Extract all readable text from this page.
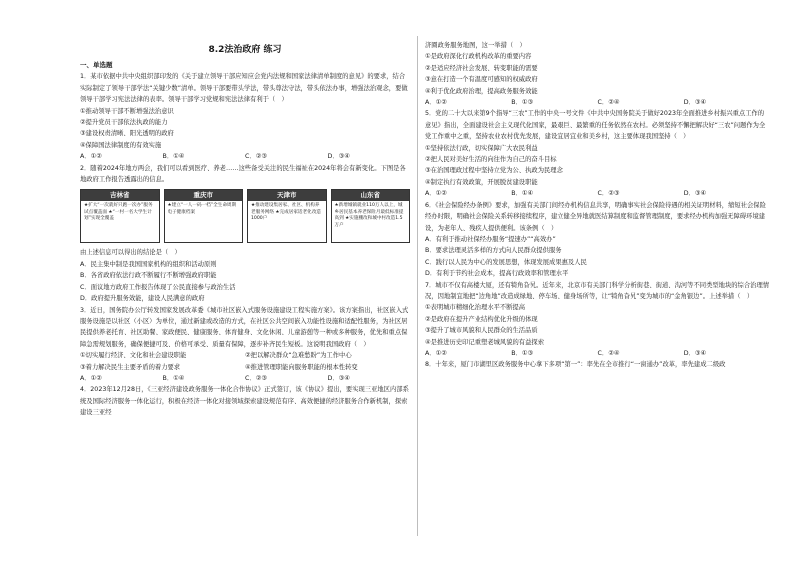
8.2法治政府 练习

一、单选题

1．某市依据中共中央组织部印发的《关于建立领导干部应知应会党内法规和国家法律清单制度的意见》的要求，结合实际制定了领导干部学法“关键少数”清单。领导干部要带头学法，带头尊法守法，带头依法办事，增强法治观念，要做领导干部学习宪法法律的表率。领导干部学习党规和宪法法律有利于（　）

①推动领导干部不断增强法治意识

②提升党员干部依法执政的能力

③建设权责清晰、阳光透明的政府

④保障国法律制度的有效实施

A．①②	B．①④	C．②③	D．③④

2．随着2024年地方两会，我们可以看到医疗、养老……这些备受关注的民生福祉在2024年将会有新变化。下图是各地政府工作报告透露出的信息。

吉林省
★扩大“一次就好只跑一次办”服务试点覆盖面 ★“一村一名大学生计划”实现全覆盖
重庆市
★建立“一人一码一档”全生命周期电子健康档案
天津市
★推动建设集居家、社区、机构养老服务网络 ★完成居家适老化改造1000户
山东省
★新增城镇就业110万人以上，城乡居民基本养老保险月最低标准提高到 ★实施棚改和城中村改造1.5万户

由上述信息可以得出的结论是（　）

A．民主集中制是我国国家机构的组织和活动原则

B．各省政府依法行政不断履行不断增强政府职能

C．面议地方政府工作报告体现了公民直接参与政治生活

D．政府提升服务效能，建设人民满意的政府

3．近日，国务院办公厅转发国家发展改革委《城市社区嵌入式服务设施建设工程实施方案》。该方案指出，社区嵌入式服务设施是以社区（小区）为单位，通过新建或改造的方式，在社区公共空间嵌入功能性设施和适配性服务，为社区居民提供养老托育、社区助餐、家政便民、健康服务、体育健身、文化休闲、儿童游憩等一种或多种服务，优先和重点保障急需规划服务，确保便捷可及、价格可承受、质量有保障，逐步补齐民生短板。这说明我国政府（　）

①切实履行经济、文化和社会建设职能	②把以解决群众“急难愁盼”为工作中心
③着力解决民生主要矛盾的着力要求	④推进管理职能向服务职能的根本性转变
A．①②	B．①④	C．②③	D．③④

4．2023年12月28日，《三亚经济建设政务服务一体化合作协议》正式签订，该《协议》提出，要实现三亚地区内部系统及国际经济服务一体化运行，积极在经济一体化对接领域探索建设规范有序、高效便捷的经济服务合作新机制，探索建设三亚经

济圈政务服务地图，这一举措（　）

①是政府深化行政机构改革的重要内容

②是适应经济社会发展、转变职能的需要

③意在打造一个有温度可感知的权威政府

④利于优化政府治理，提高政务服务效能

A．①②	B．①③	C．②④	D．③④

5．党的二十大以来第9个指导“三农”工作的中央一号文件《中共中央国务院关于做好2023年全面推进乡村振兴重点工作的意见》指出，全面建设社会主义现代化国家，最艰巨、最繁重的任务依然在农村。必须坚持不懈把解决好“三农”问题作为全党工作重中之重，坚持农业农村优先发展，建设宜居宜业和美乡村，这主要体现我国坚持（　）

①坚持依法行政，切实保障广大农民利益

②把人民对美好生活的向往作为自己的奋斗目标

③在治国理政过程中坚持立党为公、执政为民理念

④制定执行有效政策，开展脱贫建设职能

A．①②	B．①④	C．②③	D．③④

6．《社会保险经办条例》要求，加强有关部门间经办机构信息共享，明确事实社会保险待遇的相关证明材料，缩短社会保险经办时限，明确社会保险关系转移接续程序，建立健全异地就医结算制度和监督管理制度，要求经办机构加强无障碍环境建设，为老年人、残疾人提供便利。该条例（　）

A．有利于推动社保经办服务“提速办”“高效办”

B．要求法理灵活多样的方式向人民群众提供服务

C．践行以人民为中心的发展思想，体现发展成果惠及人民

D．有利于节约社会成本，提高行政效率和管理水平

7．城市不仅有高楼大厦，还有犄角旮旯。近年来，北京市有关部门科学分析街巷、街道、沟河等不同类型地块的综合治理情况，因地制宜地把“边角地”改造成绿地、停车场、健身场所等，让“犄角旮旯”变为城市的“金角银边”。上述举措（　）

①表明城市精细化治理水平不断提高

②是政府在提升产业结构优化升级的体现

③提升了城市风貌和人民群众的生活品质

④是推进历史印记重塑老城风貌的有益探索

A．①②	B．①③	C．②④	D．③④

8．十年来，厦门市湖里区政务服务中心拿下多项“第一”：率先在全市推行“一窗通办”改革，率先建成二级政
